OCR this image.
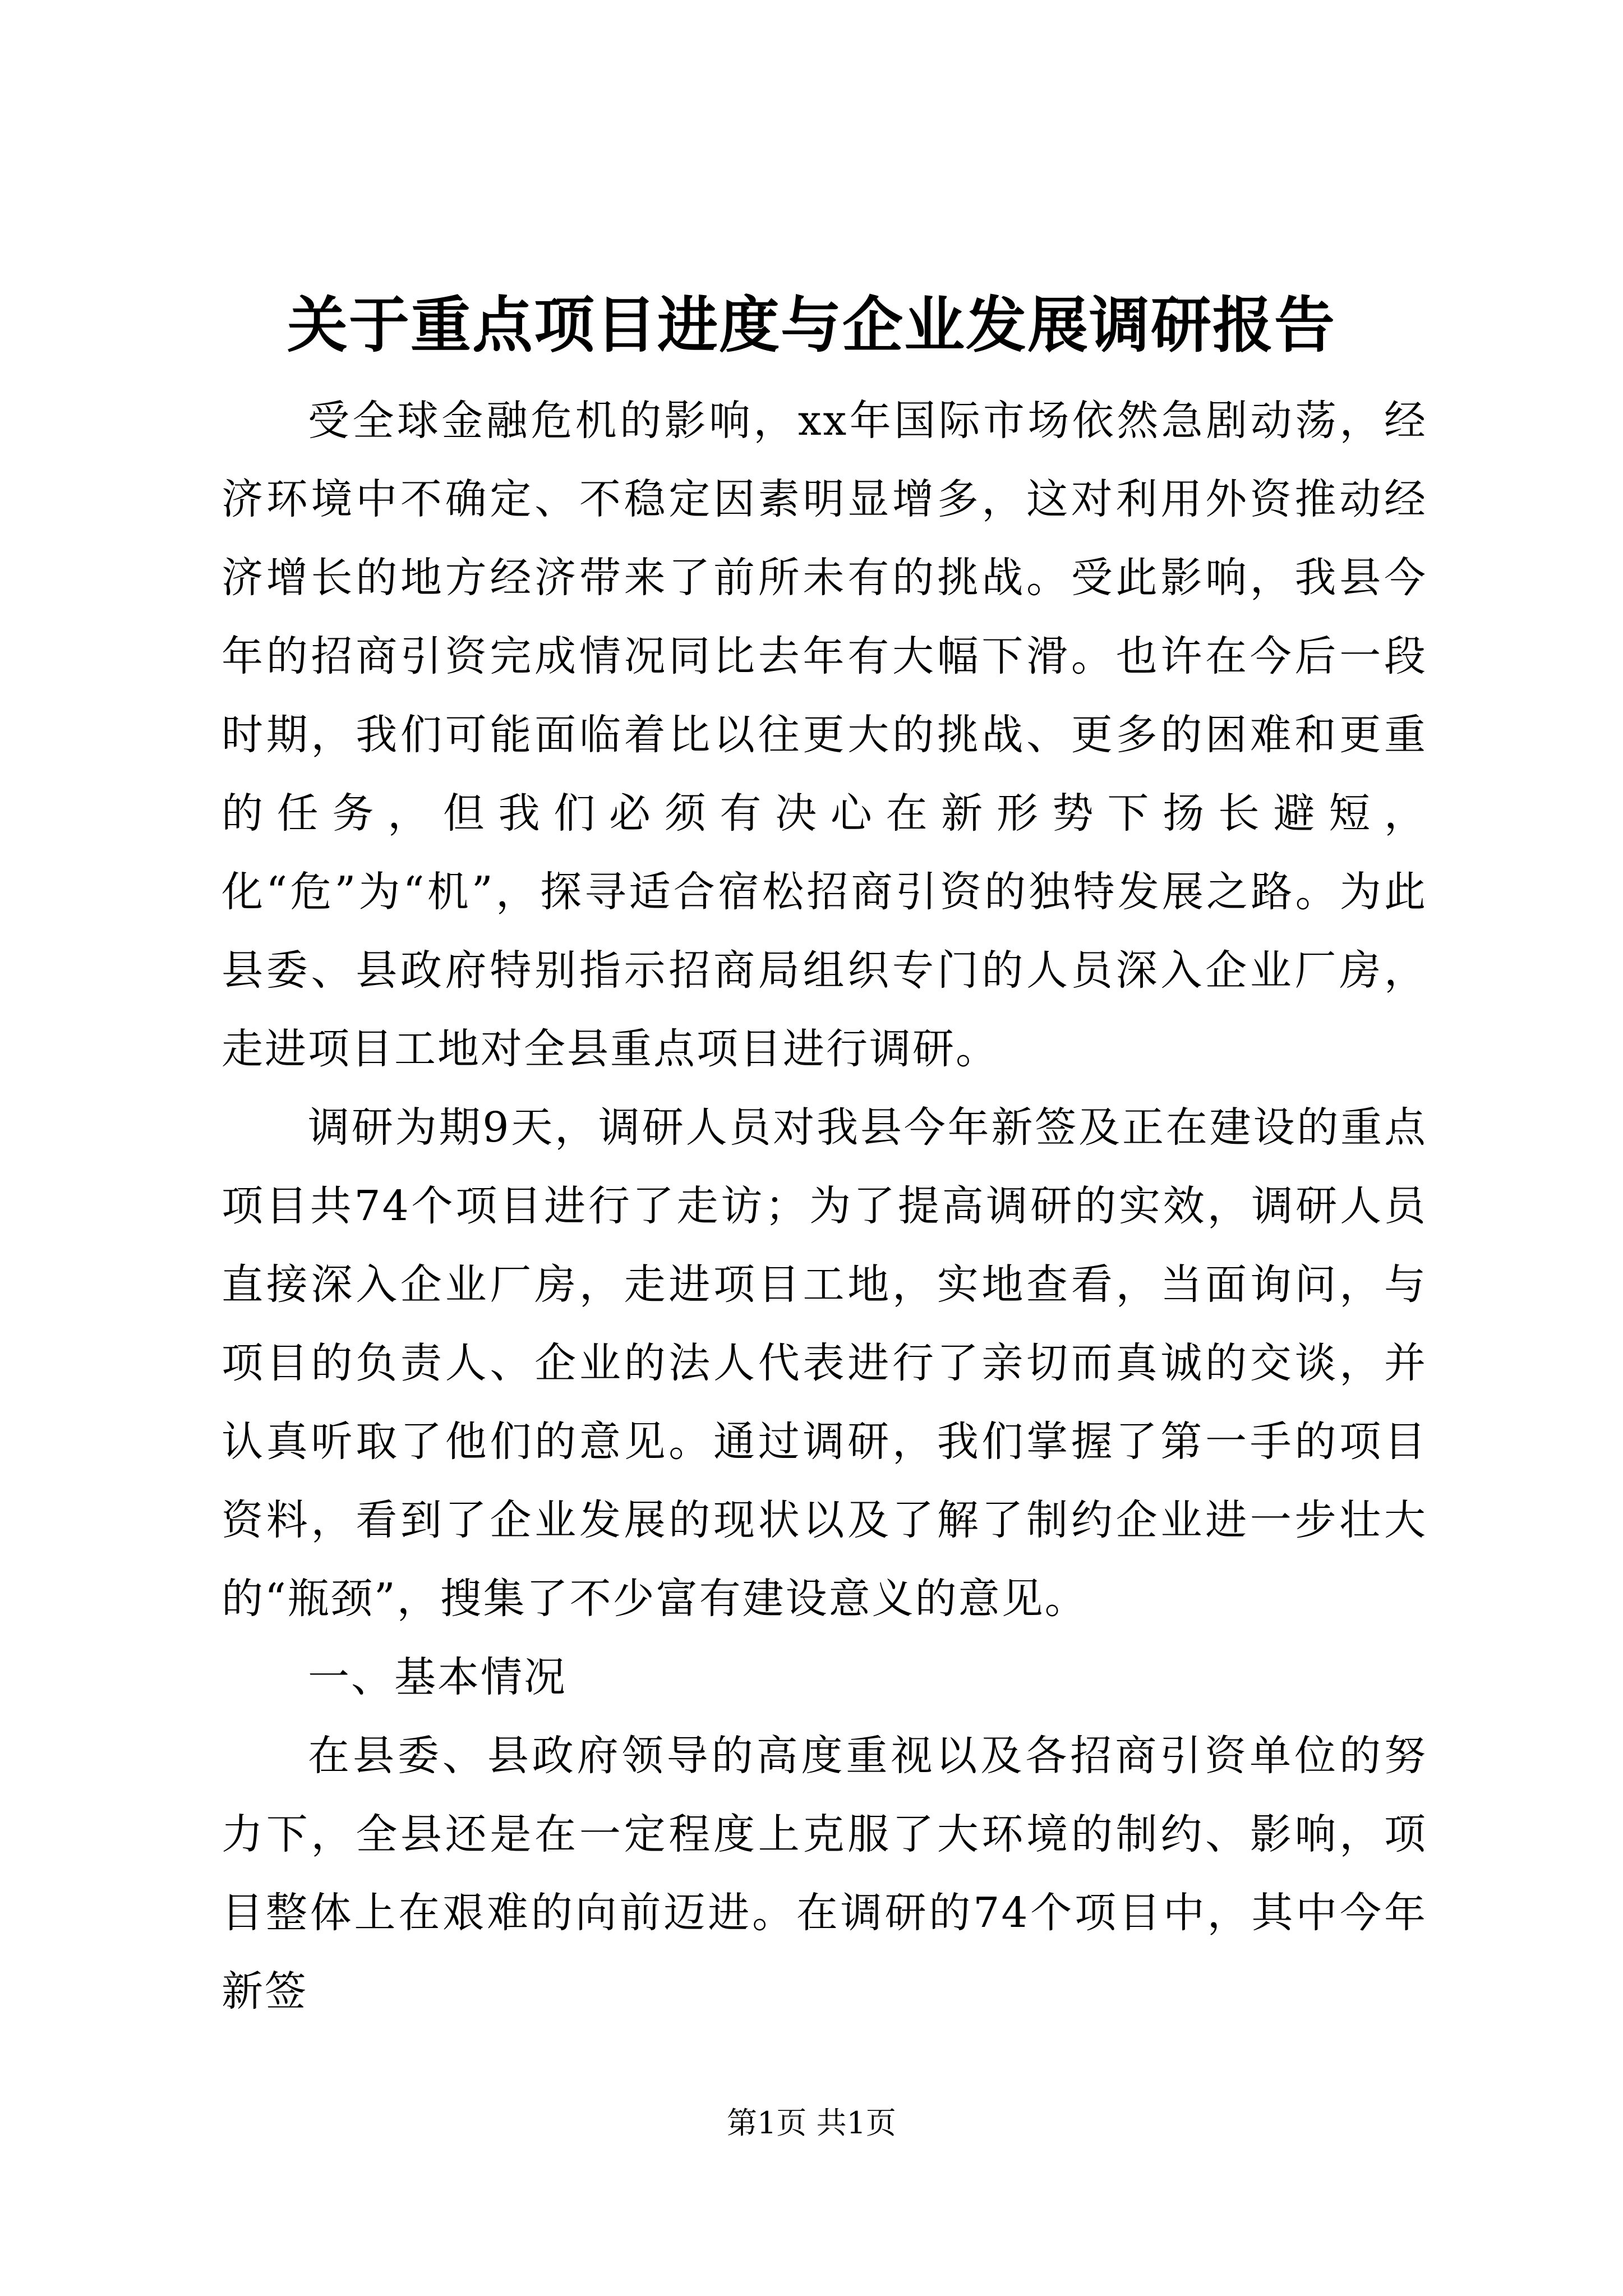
关于重点项目进度与企业发展调研报告

受全球金融危机的影响，xx年国际市场依然急剧动荡，经济环境中不确定、不稳定因素明显增多，这对利用外资推动经济增长的地方经济带来了前所未有的挑战。受此影响，我县今年的招商引资完成情况同比去年有大幅下滑。也许在今后一段时期，我们可能面临着比以往更大的挑战、更多的困难和更重的任务，但我们必须有决心在新形势下扬长避短，化“危”为“机”，探寻适合宿松招商引资的独特发展之路。为此县委、县政府特别指示招商局组织专门的人员深入企业厂房，走进项目工地对全县重点项目进行调研。

调研为期9天，调研人员对我县今年新签及正在建设的重点项目共74个项目进行了走访；为了提高调研的实效，调研人员直接深入企业厂房，走进项目工地，实地查看，当面询问，与项目的负责人、企业的法人代表进行了亲切而真诚的交谈，并认真听取了他们的意见。通过调研，我们掌握了第一手的项目资料，看到了企业发展的现状以及了解了制约企业进一步壮大的“瓶颈”，搜集了不少富有建设意义的意见。

一、基本情况

在县委、县政府领导的高度重视以及各招商引资单位的努力下，全县还是在一定程度上克服了大环境的制约、影响，项目整体上在艰难的向前迈进。在调研的74个项目中，其中今年新签

第1页 共1页
